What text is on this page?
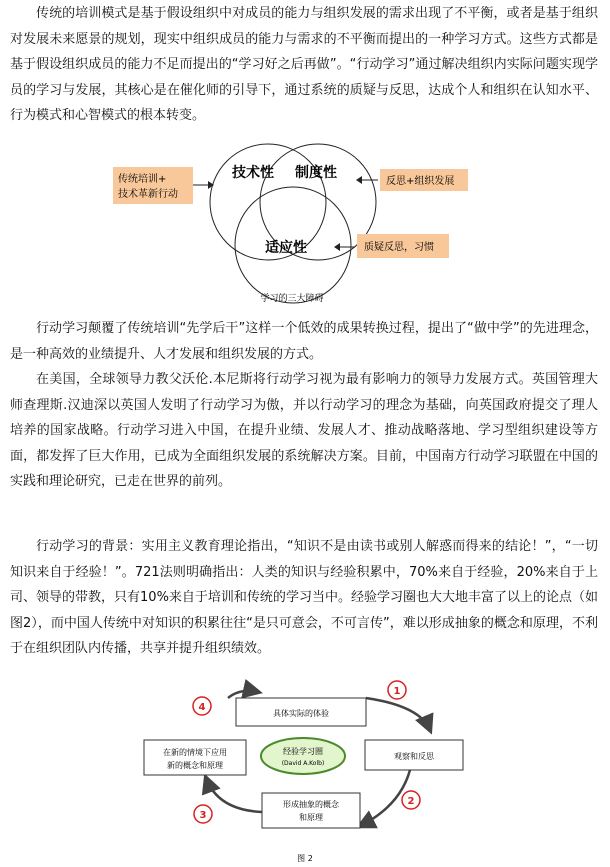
传统的培训模式是基于假设组织中对成员的能力与组织发展的需求出现了不平衡，或者是基于组织对发展未来愿景的规划，现实中组织成员的能力与需求的不平衡而提出的一种学习方式。这些方式都是基于假设组织成员的能力不足而提出的“学习好之后再做”。“行动学习”通过解决组织内实际问题实现学员的学习与发展，其核心是在催化师的引导下，通过系统的质疑与反思，达成个人和组织在认知水平、行为模式和心智模式的根本转变。

技术性 制度性
适应性
传统培训+
技术革新行动
反思+组织发展
质疑反思，习惯
学习的三大障碍

行动学习颠覆了传统培训“先学后干”这样一个低效的成果转换过程，提出了“做中学”的先进理念，是一种高效的业绩提升、人才发展和组织发展的方式。

在美国，全球领导力教父沃伦.本尼斯将行动学习视为最有影响力的领导力发展方式。英国管理大师查理斯.汉迪深以英国人发明了行动学习为傲，并以行动学习的理念为基础，向英国政府提交了理人培养的国家战略。行动学习进入中国，在提升业绩、发展人才、推动战略落地、学习型组织建设等方面，都发挥了巨大作用，已成为全面组织发展的系统解决方案。目前，中国南方行动学习联盟在中国的实践和理论研究，已走在世界的前列。

行动学习的背景：实用主义教育理论指出，“知识不是由读书或别人解惑而得来的结论！”，“一切知识来自于经验！”。721法则明确指出：人类的知识与经验积累中，70%来自于经验，20%来自于上司、领导的带教，只有10%来自于培训和传统的学习当中。经验学习圈也大大地丰富了以上的论点（如图2），而中国人传统中对知识的积累往往“是只可意会，不可言传”，难以形成抽象的概念和原理，不利于在组织团队内传播，共享并提升组织绩效。

具体实际的体验
观察和反思
形成抽象的概念
和原理
在新的情境下应用
新的概念和原理
经验学习圈
(David A.Kolb)
1
2
3
4
图 2
